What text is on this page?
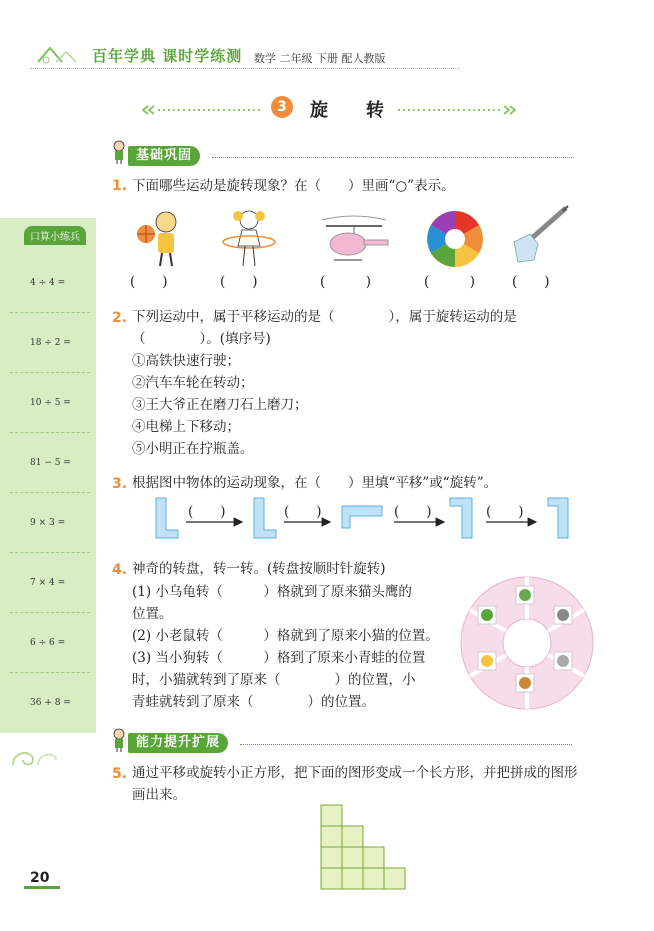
百年学典 课时学练测 数学 二年级 下册 配人教版
3	旋转
口算小练兵
4 ÷ 4 =
18 ÷ 2 =
10 ÷ 5 =
81 − 5 =
9 × 3 =
7 × 4 =
6 ÷ 6 =
36 + 8 =
基础巩固
1. 下面哪些运动是旋转现象？在（　　）里画“○”表示。
(　　)	(　　)	(　　　)	(　　　)	(　　)
2. 下列运动中，属于平移运动的是（　　　　），属于旋转运动的是
（　　　　）。(填序号)
①高铁快速行驶；
②汽车车轮在转动；
③王大爷正在磨刀石上磨刀；
④电梯上下移动；
⑤小明正在拧瓶盖。
3. 根据图中物体的运动现象，在（　　）里填“平移”或“旋转”。
(　　)	(　　)	(　　)	(　　)
4. 神奇的转盘，转一转。(转盘按顺时针旋转)
(1) 小乌龟转（　　　）格就到了原来猫头鹰的
位置。
(2) 小老鼠转（　　　）格就到了原来小猫的位置。
(3) 当小狗转（　　　）格到了原来小青蛙的位置
时，小猫就转到了原来（　　　　）的位置，小
青蛙就转到了原来（　　　　）的位置。
能力提升扩展
5. 通过平移或旋转小正方形，把下面的图形变成一个长方形，并把拼成的图形
画出来。
20
